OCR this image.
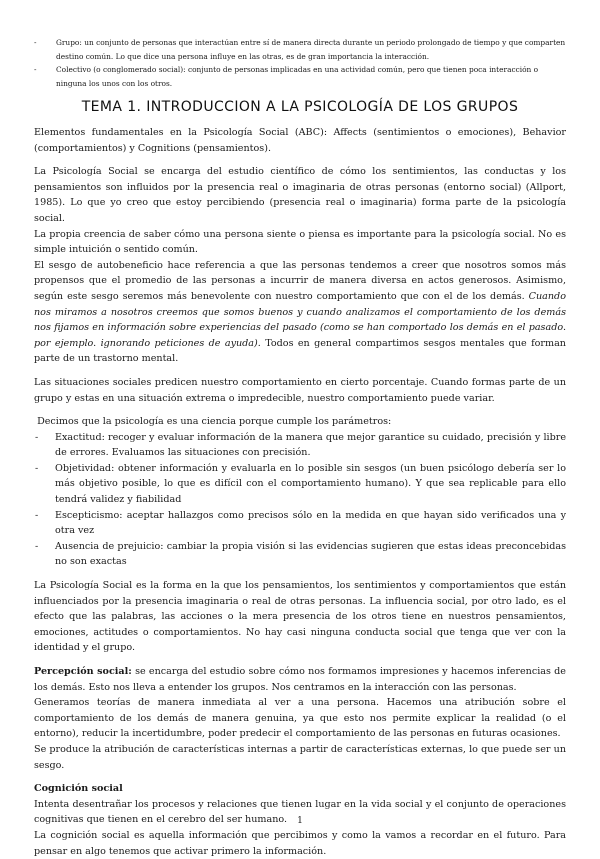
-	Grupo: un conjunto de personas que interactúan entre sí de manera directa durante un periodo prolongado de tiempo y que comparten destino común. Lo que dice una persona influye en las otras, es de gran importancia la interacción.
-	Colectivo (o conglomerado social): conjunto de personas implicadas en una actividad común, pero que tienen poca interacción o ninguna los unos con los otros.
TEMA 1. INTRODUCCION A LA PSICOLOGÍA DE LOS GRUPOS

Elementos fundamentales en la Psicología Social (ABC): Affects (sentimientos o emociones), Behavior (comportamientos) y Cognitions (pensamientos).

La Psicología Social se encarga del estudio científico de cómo los sentimientos, las conductas y los pensamientos son influidos por la presencia real o imaginaria de otras personas (entorno social) (Allport, 1985). Lo que yo creo que estoy percibiendo (presencia real o imaginaria) forma parte de la psicología social.

La propia creencia de saber cómo una persona siente o piensa es importante para la psicología social. No es simple intuición o sentido común.

El sesgo de autobeneficio hace referencia a que las personas tendemos a creer que nosotros somos más propensos que el promedio de las personas a incurrir de manera diversa en actos generosos. Asimismo, según este sesgo seremos más benevolente con nuestro comportamiento que con el de los demás. Cuando nos miramos a nosotros creemos que somos buenos y cuando analizamos el comportamiento de los demás nos fijamos en información sobre experiencias del pasado (como se han comportado los demás en el pasado. por ejemplo. ignorando peticiones de ayuda). Todos en general compartimos sesgos mentales que forman parte de un trastorno mental.

Las situaciones sociales predicen nuestro comportamiento en cierto porcentaje. Cuando formas parte de un grupo y estas en una situación extrema o impredecible, nuestro comportamiento puede variar.

Decimos que la psicología es una ciencia porque cumple los parámetros:

- Exactitud: recoger y evaluar información de la manera que mejor garantice su cuidado, precisión y libre de errores. Evaluamos las situaciones con precisión.
- Objetividad: obtener información y evaluarla en lo posible sin sesgos (un buen psicólogo debería ser lo más objetivo posible, lo que es difícil con el comportamiento humano). Y que sea replicable para ello tendrá validez y fiabilidad
- Escepticismo: aceptar hallazgos como precisos sólo en la medida en que hayan sido verificados una y otra vez
- Ausencia de prejuicio: cambiar la propia visión si las evidencias sugieren que estas ideas preconcebidas no son exactas

La Psicología Social es la forma en la que los pensamientos, los sentimientos y comportamientos que están influenciados por la presencia imaginaria o real de otras personas. La influencia social, por otro lado, es el efecto que las palabras, las acciones o la mera presencia de los otros tiene en nuestros pensamientos, emociones, actitudes o comportamientos. No hay casi ninguna conducta social que tenga que ver con la identidad y el grupo.

Percepción social: se encarga del estudio sobre cómo nos formamos impresiones y hacemos inferencias de los demás. Esto nos lleva a entender los grupos. Nos centramos en la interacción con las personas.

Generamos teorías de manera inmediata al ver a una persona. Hacemos una atribución sobre el comportamiento de los demás de manera genuina, ya que esto nos permite explicar la realidad (o el entorno), reducir la incertidumbre, poder predecir el comportamiento de las personas en futuras ocasiones.

Se produce la atribución de características internas a partir de características externas, lo que puede ser un sesgo.

Cognición social

Intenta desentrañar los procesos y relaciones que tienen lugar en la vida social y el conjunto de operaciones cognitivas que tienen en el cerebro del ser humano.

La cognición social es aquella información que percibimos y como la vamos a recordar en el futuro. Para pensar en algo tenemos que activar primero la información.

1
